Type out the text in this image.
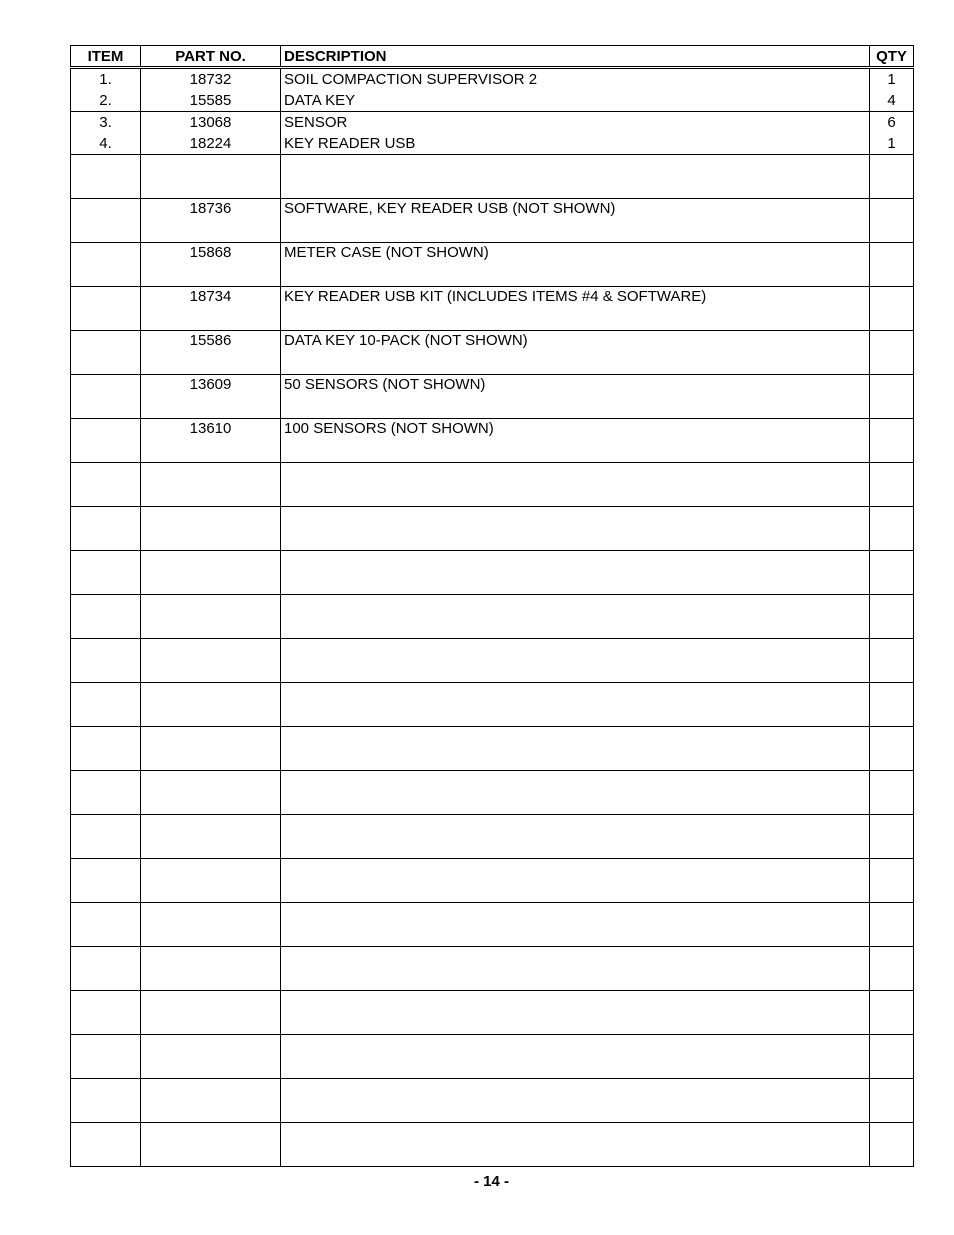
ITEM	PART NO.	DESCRIPTION	QTY
1.	18732	SOIL COMPACTION SUPERVISOR 2	1
2.	15585	DATA KEY	4
3.	13068	SENSOR	6
4.	18224	KEY READER USB	1

	18736	SOFTWARE, KEY READER USB (NOT SHOWN)	
	15868	METER CASE (NOT SHOWN)	
	18734	KEY READER USB KIT (INCLUDES ITEMS #4 & SOFTWARE)	
	15586	DATA KEY 10-PACK (NOT SHOWN)	
	13609	50 SENSORS (NOT SHOWN)	
	13610	100 SENSORS (NOT SHOWN)	

- 14 -
